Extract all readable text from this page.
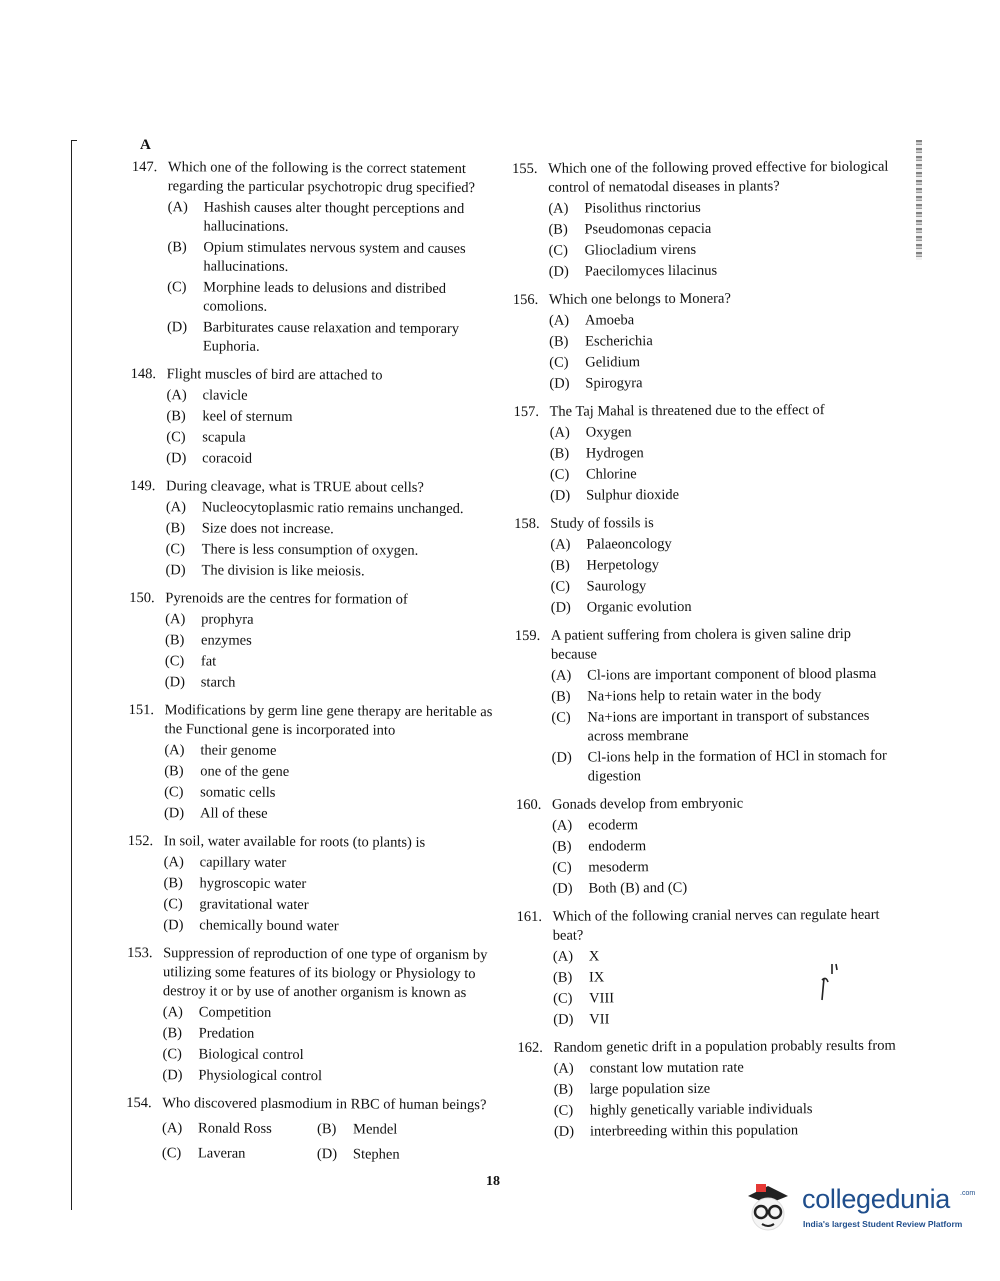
A
147. Which one of the following is the correct statement regarding the particular psychotropic drug specified?
(A)	Hashish causes alter thought perceptions and hallucinations.
(B)	Opium stimulates nervous system and causes hallucinations.
(C)	Morphine leads to delusions and distribed comolions.
(D)	Barbiturates cause relaxation and temporary Euphoria.
148. Flight muscles of bird are attached to
(A)	clavicle
(B)	keel of sternum
(C)	scapula
(D)	coracoid
149. During cleavage, what is TRUE about cells?
(A)	Nucleocytoplasmic ratio remains unchanged.
(B)	Size does not increase.
(C)	There is less consumption of oxygen.
(D)	The division is like meiosis.
150. Pyrenoids are the centres for formation of
(A)	prophyra
(B)	enzymes
(C)	fat
(D)	starch
151. Modifications by germ line gene therapy are heritable as the Functional gene is incorporated into
(A)	their genome
(B)	one of the gene
(C)	somatic cells
(D)	All of these
152. In soil, water available for roots (to plants) is
(A)	capillary water
(B)	hygroscopic water
(C)	gravitational water
(D)	chemically bound water
153. Suppression of reproduction of one type of organism by utilizing some features of its biology or Physiology to destroy it or by use of another organism is known as
(A)	Competition
(B)	Predation
(C)	Biological control
(D)	Physiological control
154. Who discovered plasmodium in RBC of human beings?
(A)	Ronald Ross	(B)	Mendel
(C)	Laveran	(D)	Stephen
155. Which one of the following proved effective for biological control of nematodal diseases in plants?
(A)	Pisolithus rinctorius
(B)	Pseudomonas cepacia
(C)	Gliocladium virens
(D)	Paecilomyces lilacinus
156. Which one belongs to Monera?
(A)	Amoeba
(B)	Escherichia
(C)	Gelidium
(D)	Spirogyra
157. The Taj Mahal is threatened due to the effect of
(A)	Oxygen
(B)	Hydrogen
(C)	Chlorine
(D)	Sulphur dioxide
158. Study of fossils is
(A)	Palaeoncology
(B)	Herpetology
(C)	Saurology
(D)	Organic evolution
159. A patient suffering from cholera is given saline drip because
(A)	Cl-ions are important component of blood plasma
(B)	Na+ions help to retain water in the body
(C)	Na+ions are important in transport of substances across membrane
(D)	Cl-ions help in the formation of HCl in stomach for digestion
160. Gonads develop from embryonic
(A)	ecoderm
(B)	endoderm
(C)	mesoderm
(D)	Both (B) and (C)
161. Which of the following cranial nerves can regulate heart beat?
(A)	X
(B)	IX
(C)	VIII
(D)	VII
162. Random genetic drift in a population probably results from
(A)	constant low mutation rate
(B)	large population size
(C)	highly genetically variable individuals
(D)	interbreeding within this population
18
collegedunia .com
India's largest Student Review Platform
